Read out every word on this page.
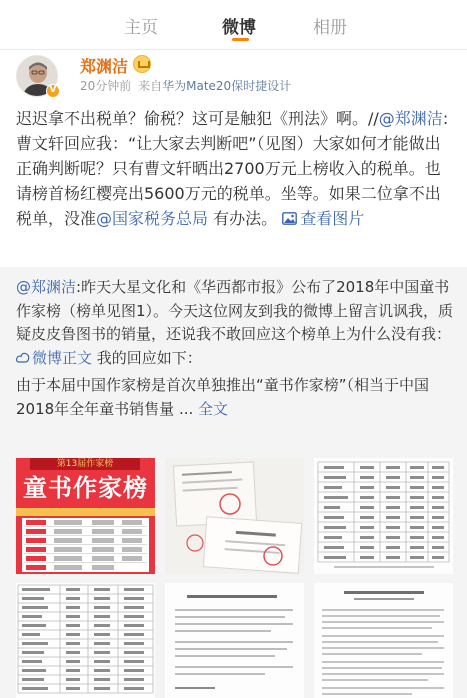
主页	微博	相册
V
郑渊洁
20分钟前 来自华为Mate20保时捷设计
迟迟拿不出税单？偷税？这可是触犯《刑法》啊。//@郑渊洁:曹文轩回应我：“让大家去判断吧”（见图）大家如何才能做出正确判断呢？只有曹文轩晒出2700万元上榜收入的税单。也请榜首杨红樱亮出5600万元的税单。坐等。如果二位拿不出税单，没准@国家税务总局 有办法。 查看图片
@郑渊洁:昨天大星文化和《华西都市报》公布了2018年中国童书作家榜（榜单见图1）。今天这位网友到我的微博上留言讥讽我，质疑皮皮鲁图书的销量，还说我不敢回应这个榜单上为什么没有我： 微博正文 我的回应如下：
由于本届中国作家榜是首次单独推出“童书作家榜”（相当于中国2018年全年童书销售量 ... 全文
第13届作家榜
童书作家榜
